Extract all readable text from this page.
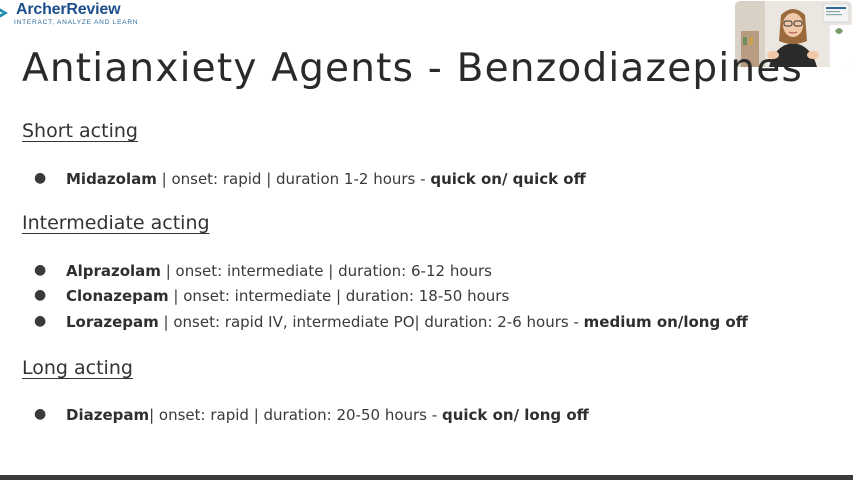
ArcherReview
INTERACT, ANALYZE AND LEARN
Antianxiety Agents - Benzodiazepines
Short acting
● Midazolam | onset: rapid | duration 1-2 hours - quick on/ quick off
Intermediate acting
● Alprazolam | onset: intermediate | duration: 6-12 hours
● Clonazepam | onset: intermediate | duration: 18-50 hours
● Lorazepam | onset: rapid IV, intermediate PO| duration: 2-6 hours - medium on/long off
Long acting
● Diazepam| onset: rapid | duration: 20-50 hours - quick on/ long off
